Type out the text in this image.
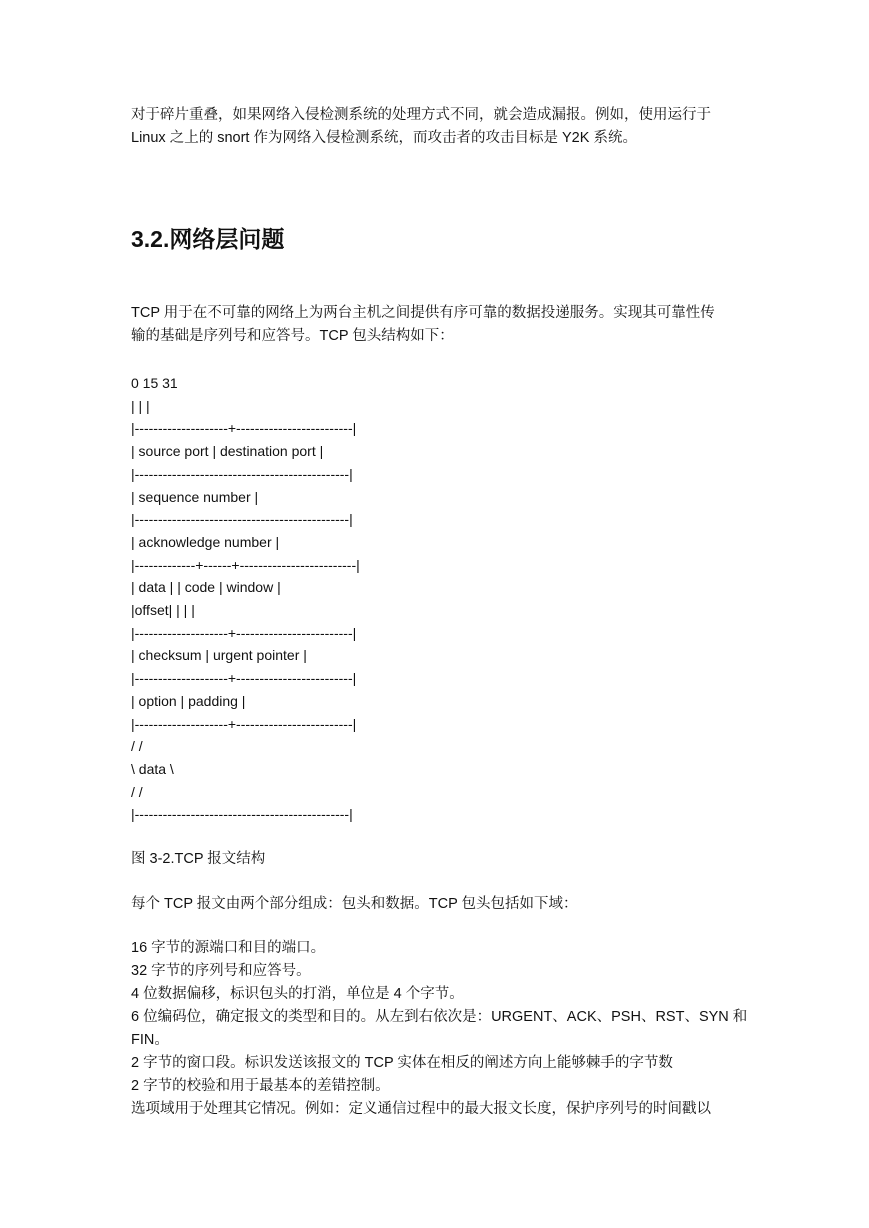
对于碎片重叠，如果网络入侵检测系统的处理方式不同，就会造成漏报。例如，使用运行于
Linux 之上的 snort 作为网络入侵检测系统，而攻击者的攻击目标是 Y2K 系统。

3.2.网络层问题

TCP 用于在不可靠的网络上为两台主机之间提供有序可靠的数据投递服务。实现其可靠性传
输的基础是序列号和应答号。TCP 包头结构如下：

0 15 31
| | |
|--------------------+-------------------------|
| source port | destination port |
|----------------------------------------------|
| sequence number |
|----------------------------------------------|
| acknowledge number |
|-------------+------+-------------------------|
| data | | code | window |
|offset| | | |
|--------------------+-------------------------|
| checksum | urgent pointer |
|--------------------+-------------------------|
| option | padding |
|--------------------+-------------------------|
/ /
\ data \
/ /
|----------------------------------------------|
图 3-2.TCP 报文结构

每个 TCP 报文由两个部分组成：包头和数据。TCP 包头包括如下域：

16 字节的源端口和目的端口。
32 字节的序列号和应答号。
4 位数据偏移，标识包头的打消，单位是 4 个字节。
6 位编码位，确定报文的类型和目的。从左到右依次是：URGENT、ACK、PSH、RST、SYN 和
FIN。
2 字节的窗口段。标识发送该报文的 TCP 实体在相反的阐述方向上能够棘手的字节数
2 字节的校验和用于最基本的差错控制。
选项域用于处理其它情况。例如：定义通信过程中的最大报文长度，保护序列号的时间戳以
